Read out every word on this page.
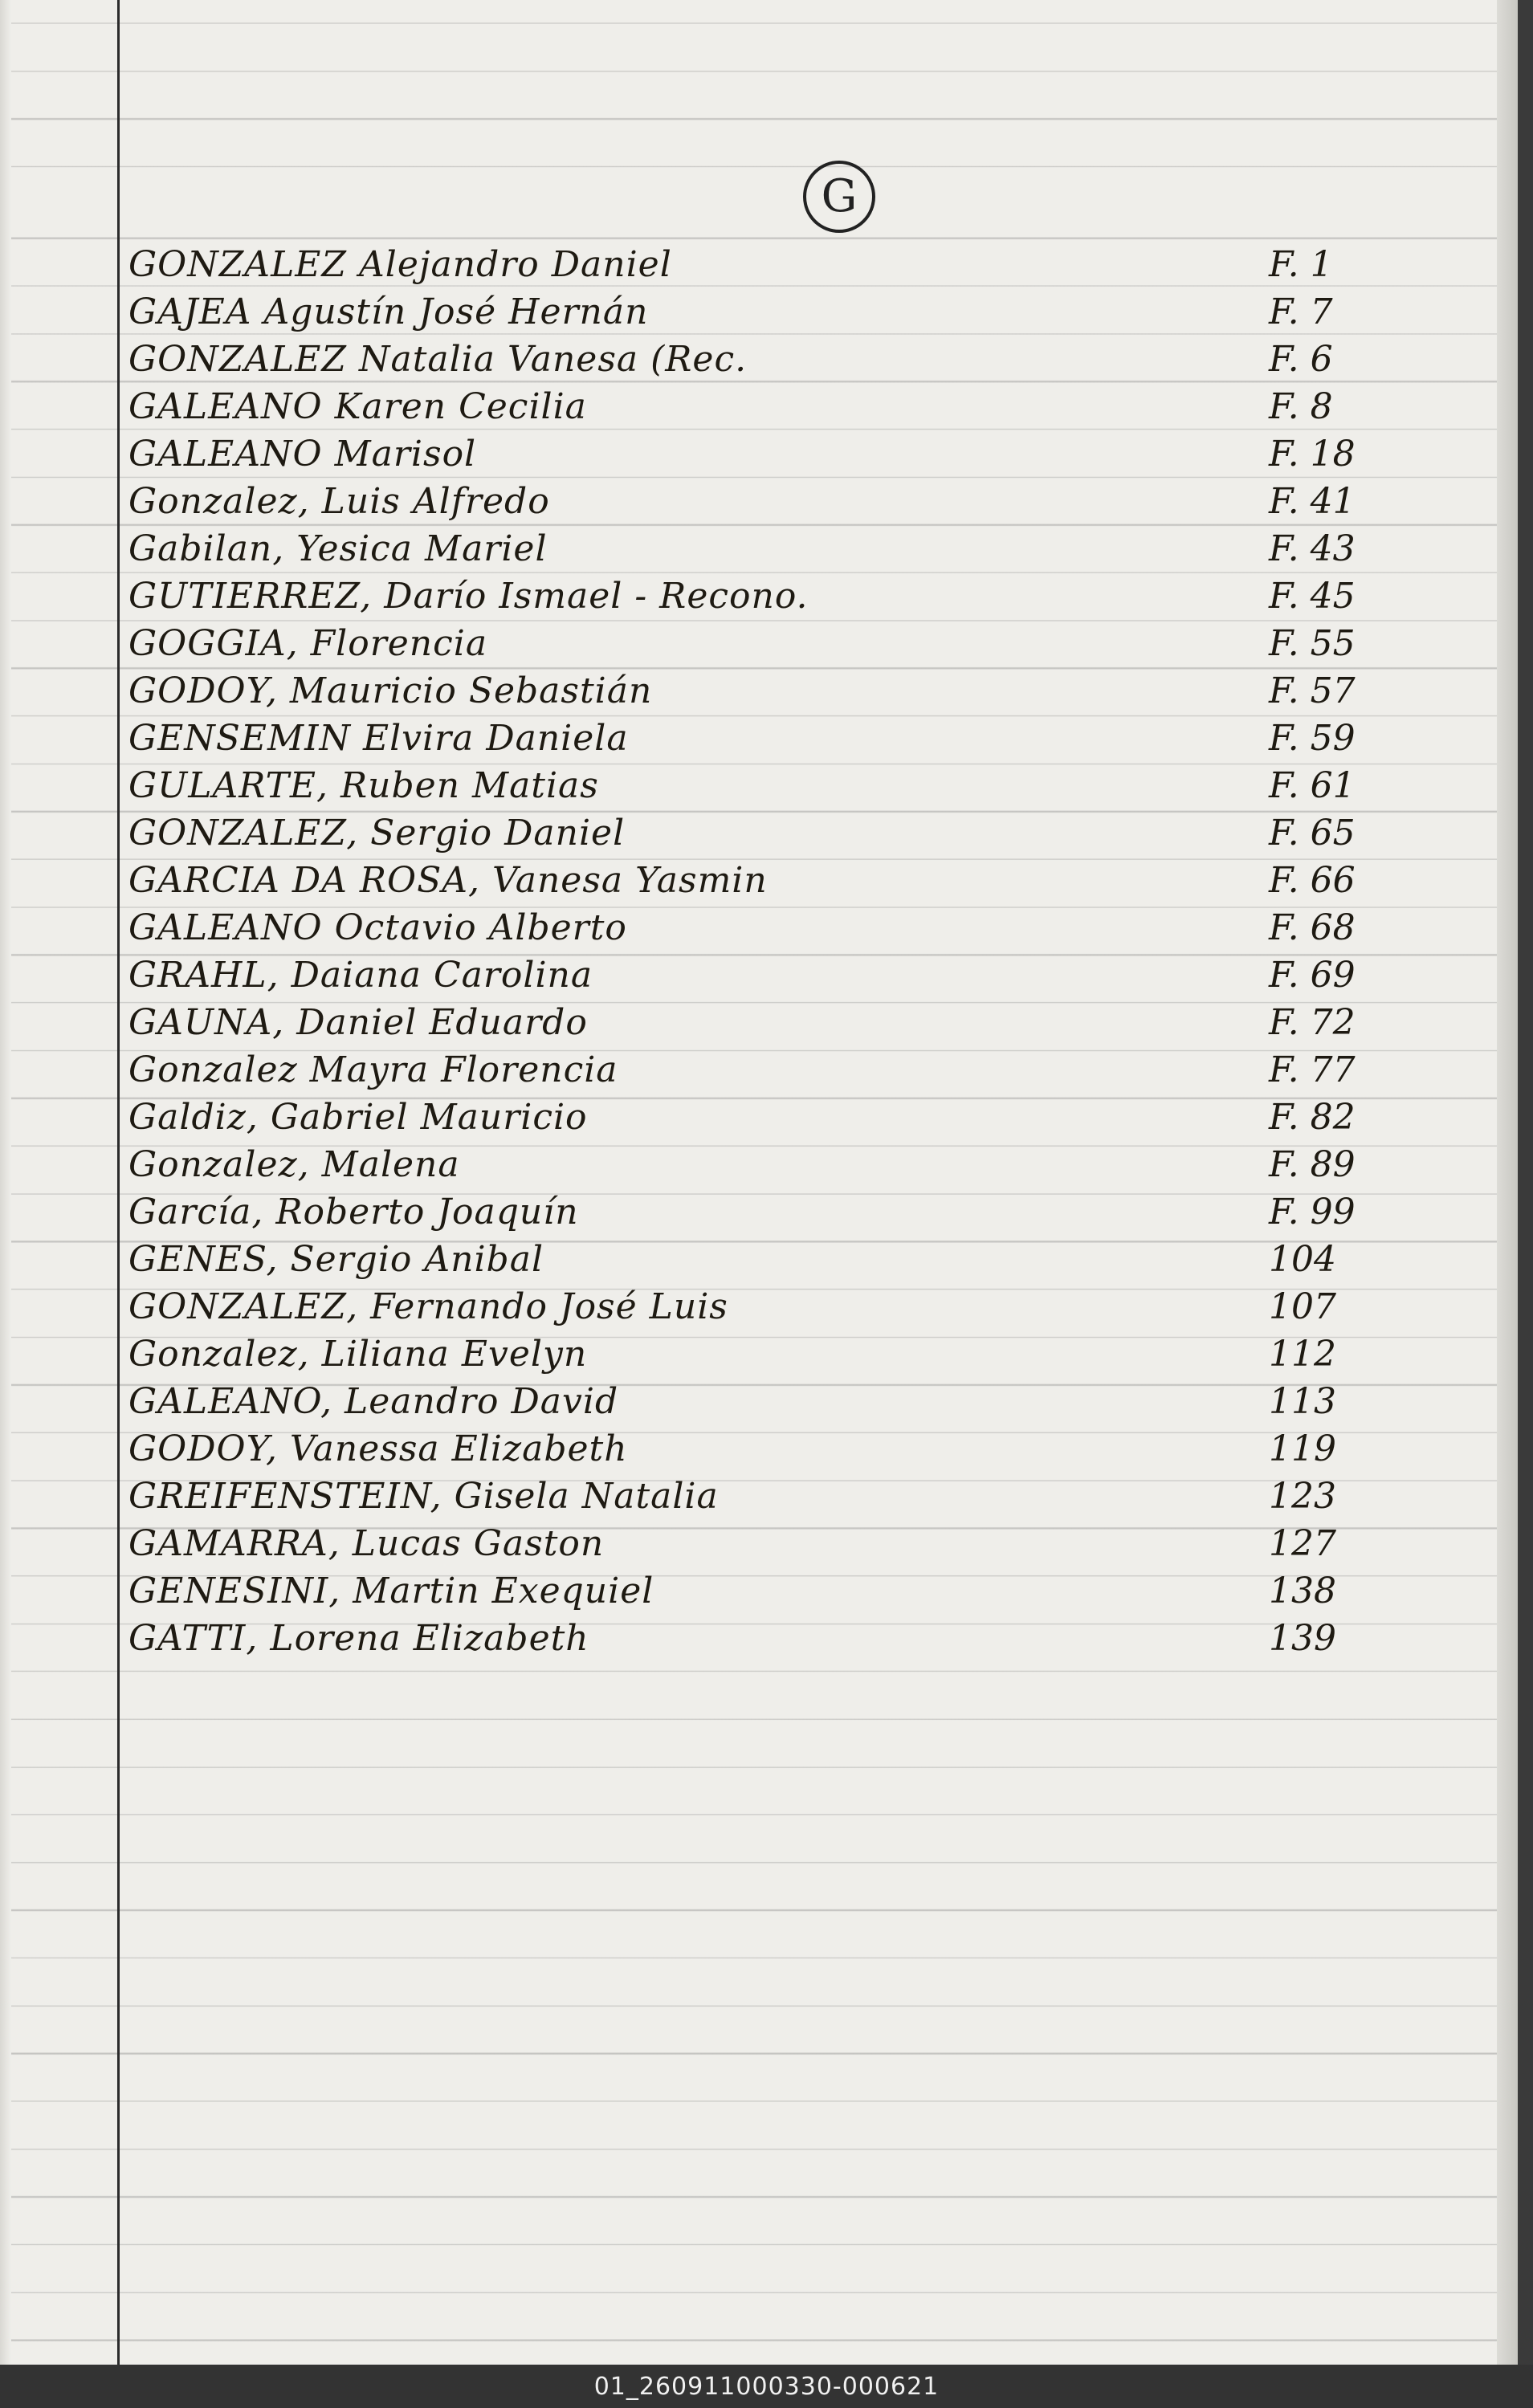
G
GONZALEZ Alejandro Daniel	F. 1
GAJEA Agustín José Hernán	F. 7
GONZALEZ Natalia Vanesa (Rec.	F. 6
GALEANO Karen Cecilia	F. 8
GALEANO Marisol	F. 18
Gonzalez, Luis Alfredo	F. 41
Gabilan, Yesica Mariel	F. 43
GUTIERREZ, Darío Ismael - Recono.	F. 45
GOGGIA, Florencia	F. 55
GODOY, Mauricio Sebastián	F. 57
GENSEMIN Elvira Daniela	F. 59
GULARTE, Ruben Matias	F. 61
GONZALEZ, Sergio Daniel	F. 65
GARCIA DA ROSA, Vanesa Yasmin	F. 66
GALEANO Octavio Alberto	F. 68
GRAHL, Daiana Carolina	F. 69
GAUNA, Daniel Eduardo	F. 72
Gonzalez Mayra Florencia	F. 77
Galdiz, Gabriel Mauricio	F. 82
Gonzalez, Malena	F. 89
García, Roberto Joaquín	F. 99
GENES, Sergio Anibal	104
GONZALEZ, Fernando José Luis	107
Gonzalez, Liliana Evelyn	112
GALEANO, Leandro David	113
GODOY, Vanessa Elizabeth	119
GREIFENSTEIN, Gisela Natalia	123
GAMARRA, Lucas Gaston	127
GENESINI, Martin Exequiel	138
GATTI, Lorena Elizabeth	139
01_260911000330-000621
